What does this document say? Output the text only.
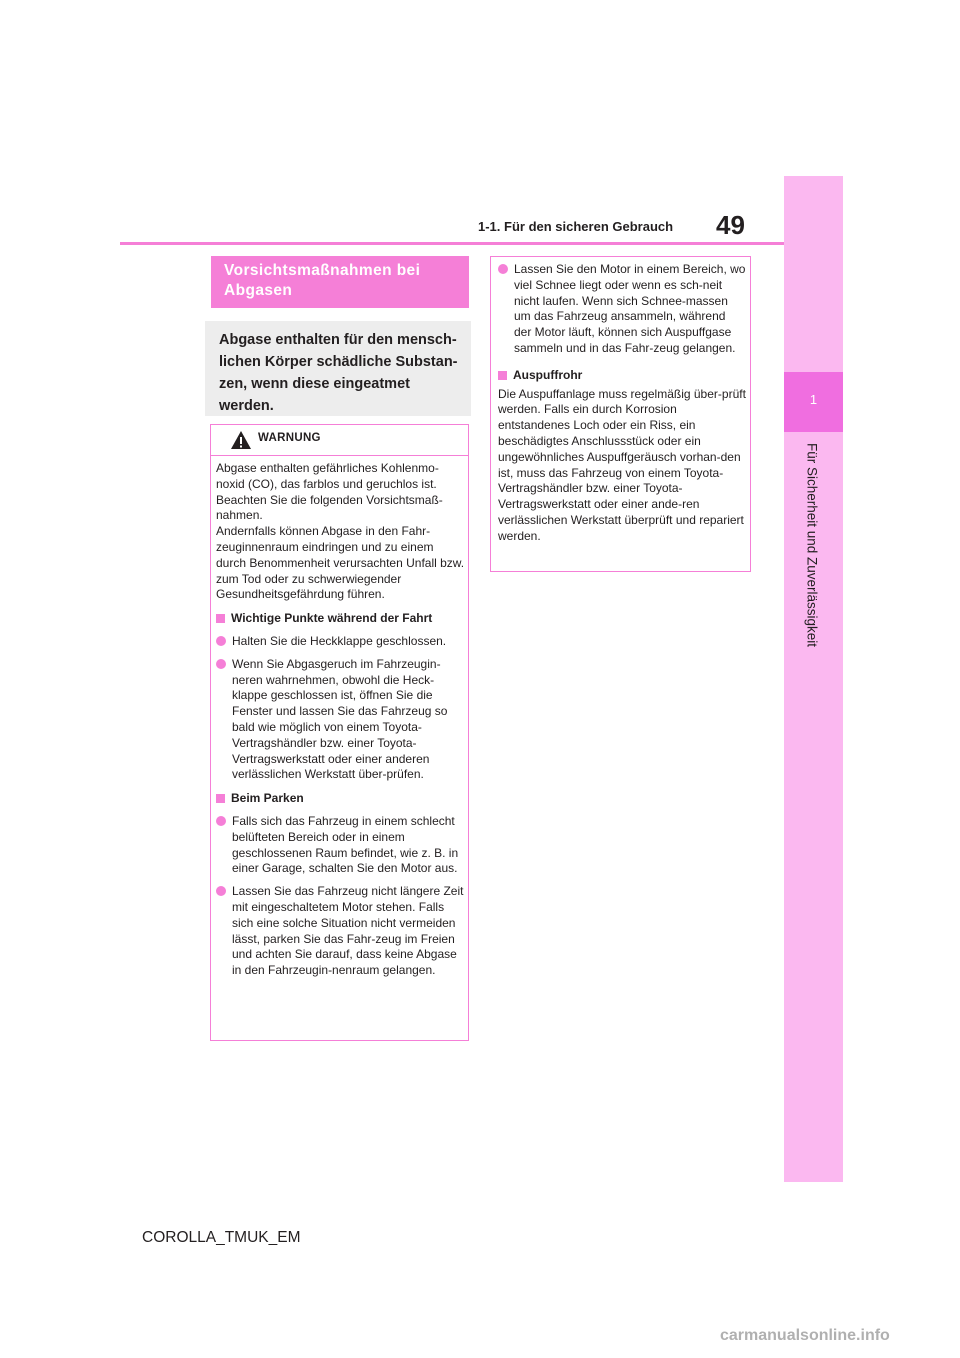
49
1-1. Für den sicheren Gebrauch
1
Für Sicherheit und Zuverlässigkeit
Vorsichtsmaßnahmen bei Abgasen
Abgase enthalten für den mensch-lichen Körper schädliche Substan-zen, wenn diese eingeatmet werden.
WARNUNG

Abgase enthalten gefährliches Kohlenmo-noxid (CO), das farblos und geruchlos ist. Beachten Sie die folgenden Vorsichtsmaß-nahmen.

Andernfalls können Abgase in den Fahr-zeuginnenraum eindringen und zu einem durch Benommenheit verursachten Unfall bzw. zum Tod oder zu schwerwiegender Gesundheitsgefährdung führen.

Wichtige Punkte während der Fahrt
Halten Sie die Heckklappe geschlossen.
Wenn Sie Abgasgeruch im Fahrzeugin-neren wahrnehmen, obwohl die Heck-klappe geschlossen ist, öffnen Sie die Fenster und lassen Sie das Fahrzeug so bald wie möglich von einem Toyota-Vertragshändler bzw. einer Toyota-Vertragswerkstatt oder einer anderen verlässlichen Werkstatt über-prüfen.
Beim Parken
Falls sich das Fahrzeug in einem schlecht belüfteten Bereich oder in einem geschlossenen Raum befindet, wie z. B. in einer Garage, schalten Sie den Motor aus.
Lassen Sie das Fahrzeug nicht längere Zeit mit eingeschaltetem Motor stehen. Falls sich eine solche Situation nicht vermeiden lässt, parken Sie das Fahr-zeug im Freien und achten Sie darauf, dass keine Abgase in den Fahrzeugin-nenraum gelangen.
Lassen Sie den Motor in einem Bereich, wo viel Schnee liegt oder wenn es sch-neit nicht laufen. Wenn sich Schnee-massen um das Fahrzeug ansammeln, während der Motor läuft, können sich Auspuffgase sammeln und in das Fahr-zeug gelangen.
Auspuffrohr

Die Auspuffanlage muss regelmäßig über-prüft werden. Falls ein durch Korrosion entstandenes Loch oder ein Riss, ein beschädigtes Anschlussstück oder ein ungewöhnliches Auspuffgeräusch vorhan-den ist, muss das Fahrzeug von einem Toyota-Vertragshändler bzw. einer Toyota-Vertragswerkstatt oder einer ande-ren verlässlichen Werkstatt überprüft und repariert werden.

COROLLA_TMUK_EM
carmanualsonline.info
